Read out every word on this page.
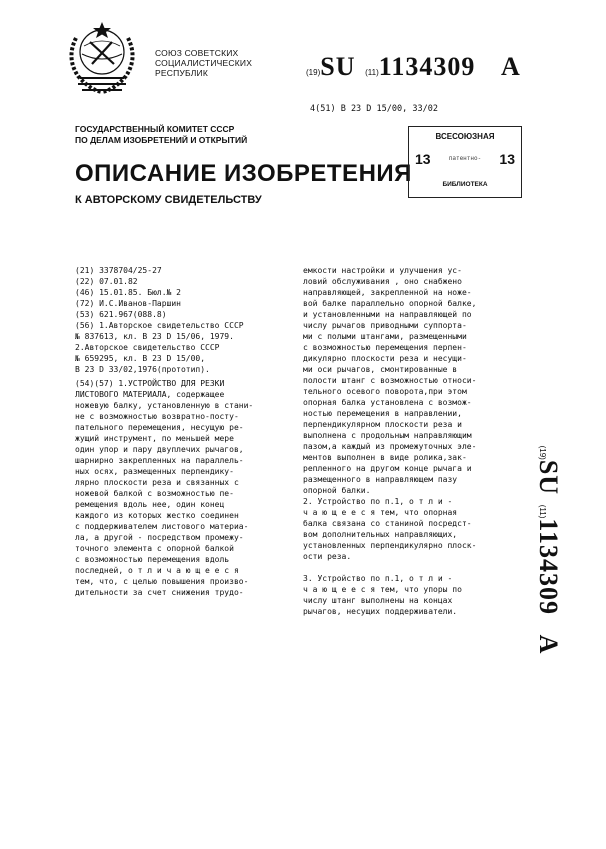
СОЮЗ СОВЕТСКИХ
СОЦИАЛИСТИЧЕСКИХ
РЕСПУБЛИК	(19)SU (11)1134309 A
4(51) В 23 D 15/00, 33/02
ГОСУДАРСТВЕННЫЙ КОМИТЕТ СССР
ПО ДЕЛАМ ИЗОБРЕТЕНИЙ И ОТКРЫТИЙ
ОПИСАНИЕ ИЗОБРЕТЕНИЯ
К АВТОРСКОМУ СВИДЕТЕЛЬСТВУ
ВСЕСОЮЗНАЯ
патентно-
БИБЛИОТЕКА
13	13
(21) 3378704/25-27
(22) 07.01.82
(46) 15.01.85. Бюл.№ 2
(72) И.С.Иванов-Паршин
(53) 621.967(088.8)
(56) 1.Авторское свидетельство СССР
№ 837613, кл. В 23 D 15/06, 1979.
2.Авторское свидетельство СССР
№ 659295, кл. В 23 D 15/00,
В 23 D 33/02,1976(прототип).
(54)(57) 1.УСТРОЙСТВО ДЛЯ РЕЗКИ
ЛИСТОВОГО МАТЕРИАЛА, содержащее
ножевую балку, установленную в стани-
не с возможностью возвратно-посту-
пательного перемещения, несущую ре-
жущий инструмент, по меньшей мере
один упор и пару двуплечих рычагов,
шарнирно закрепленных на параллель-
ных осях, размещенных перпендику-
лярно плоскости реза и связанных с
ножевой балкой с возможностью пе-
ремещения вдоль нее, один конец
каждого из которых жестко соединен
с поддерживателем листового материа-
ла, а другой - посредством промежу-
точного элемента с опорной балкой
с возможностью перемещения вдоль
последней, о т л и ч а ю щ е е с я
тем, что, с целью повышения произво-
дительности за счет снижения трудо-
емкости настройки и улучшения ус-
ловий обслуживания , оно снабжено
направляющей, закрепленной на ноже-
вой балке параллельно опорной балке,
и установленными на направляющей по
числу рычагов приводными суппорта-
ми с полыми штангами, размещенными
с возможностью перемещения перпен-
дикулярно плоскости реза и несущи-
ми оси рычагов, смонтированные в
полости штанг с возможностью относи-
тельного осевого поворота,при этом
опорная балка установлена с возмож-
ностью перемещения в направлении,
перпендикулярном плоскости реза и
выполнена с продольным направляющим
пазом,а каждый из промежуточных эле-
ментов выполнен в виде ролика,зак-
репленного на другом конце рычага и
размещенного в направляющем пазу
опорной балки.
2. Устройство по п.1, о т л и -
ч а ю щ е е с я тем, что опорная
балка связана со станиной посредст-
вом дополнительных направляющих,
установленных перпендикулярно плоск-
ости реза.

3. Устройство по п.1, о т л и -
ч а ю щ е е с я тем, что упоры по
числу штанг выполнены на концах
рычагов, несущих поддерживатели.
(19)SU (11)1134309 A
